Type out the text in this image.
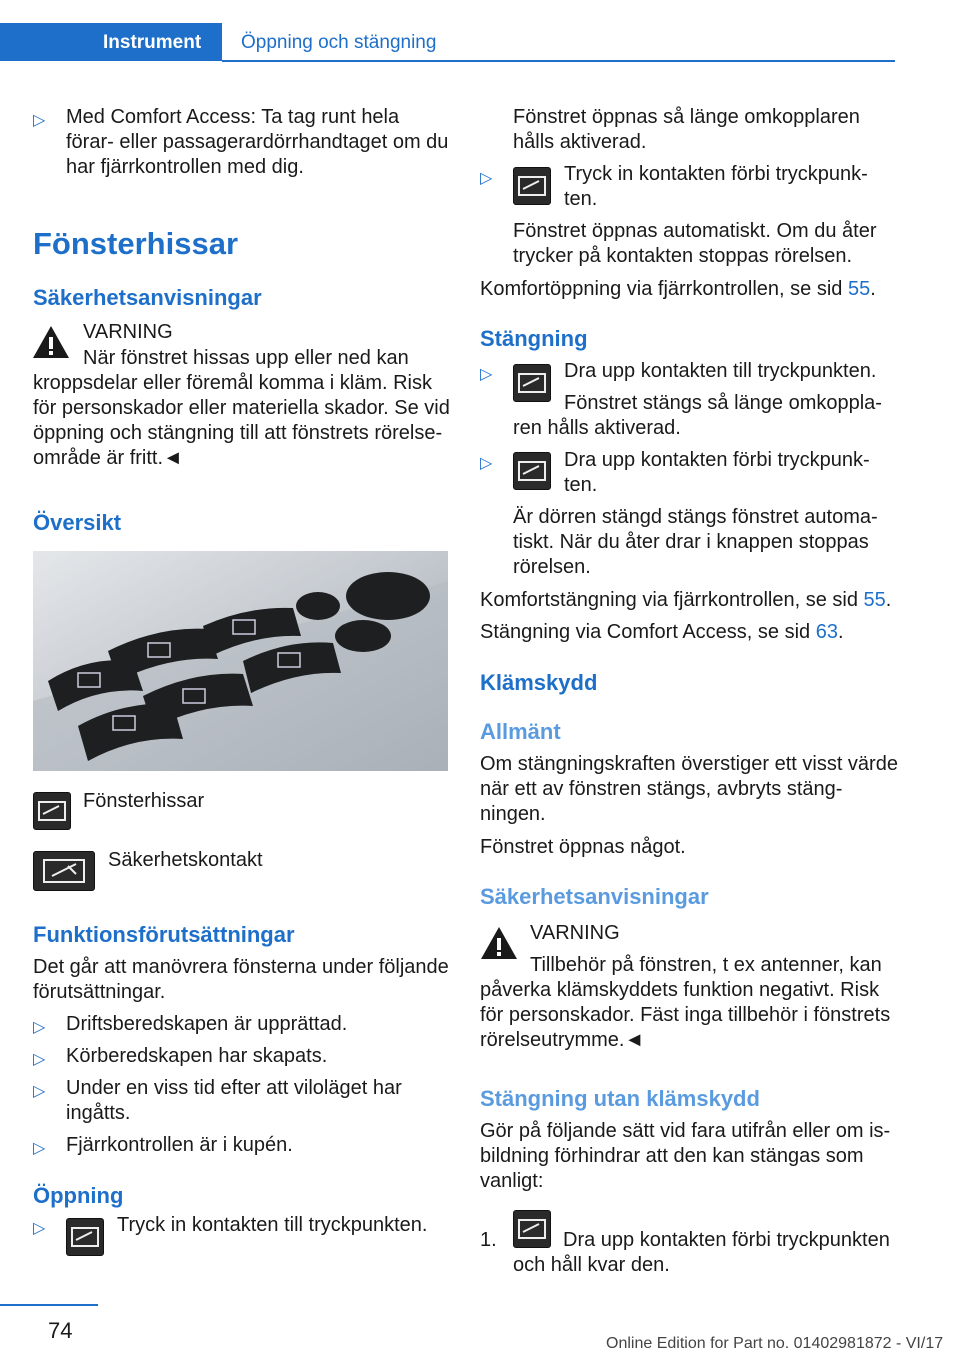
Instrument	Öppning och stängning
▷ Med Comfort Access: Ta tag runt hela förar- eller passagerardörrhandtaget om du har fjärrkontrollen med dig.
Fönsterhissar
Säkerhetsanvisningar
VARNING
När fönstret hissas upp eller ned kan kroppsdelar eller föremål komma i kläm. Risk för personskador eller materiella skador. Se vid öppning och stängning till att fönstrets rörelseområde är fritt.◄
Översikt
Fönsterhissar
Säkerhetskontakt
Funktionsförutsättningar
Det går att manövrera fönsterna under följande förutsättningar.
▷ Driftsberedskapen är upprättad.
▷ Körberedskapen har skapats.
▷ Under en viss tid efter att viloläget har ingåtts.
▷ Fjärrkontrollen är i kupén.
Öppning
▷	Tryck in kontakten till tryckpunkten.
Fönstret öppnas så länge omkopplaren hålls aktiverad.
▷	Tryck in kontakten förbi tryckpunkten.
Fönstret öppnas automatiskt. Om du åter trycker på kontakten stoppas rörelsen.
Komfortöppning via fjärrkontrollen, se sid 55.
Stängning
▷	Dra upp kontakten till tryckpunkten.
Fönstret stängs så länge omkopplaren hålls aktiverad.
▷	Dra upp kontakten förbi tryckpunkten.
Är dörren stängd stängs fönstret automatiskt. När du åter drar i knappen stoppas rörelsen.
Komfortstängning via fjärrkontrollen, se sid 55.
Stängning via Comfort Access, se sid 63.
Klämskydd
Allmänt
Om stängningskraften överstiger ett visst värde när ett av fönstren stängs, avbryts stängningen.
Fönstret öppnas något.
Säkerhetsanvisningar
VARNING
Tillbehör på fönstren, t ex antenner, kan påverka klämskyddets funktion negativt. Risk för personskador. Fäst inga tillbehör i fönstrets rörelseutrymme.◄
Stängning utan klämskydd
Gör på följande sätt vid fara utifrån eller om isbildning förhindrar att den kan stängas som vanligt:
1.	Dra upp kontakten förbi tryckpunkten och håll kvar den.
74
Online Edition for Part no. 01402981872 - VI/17
